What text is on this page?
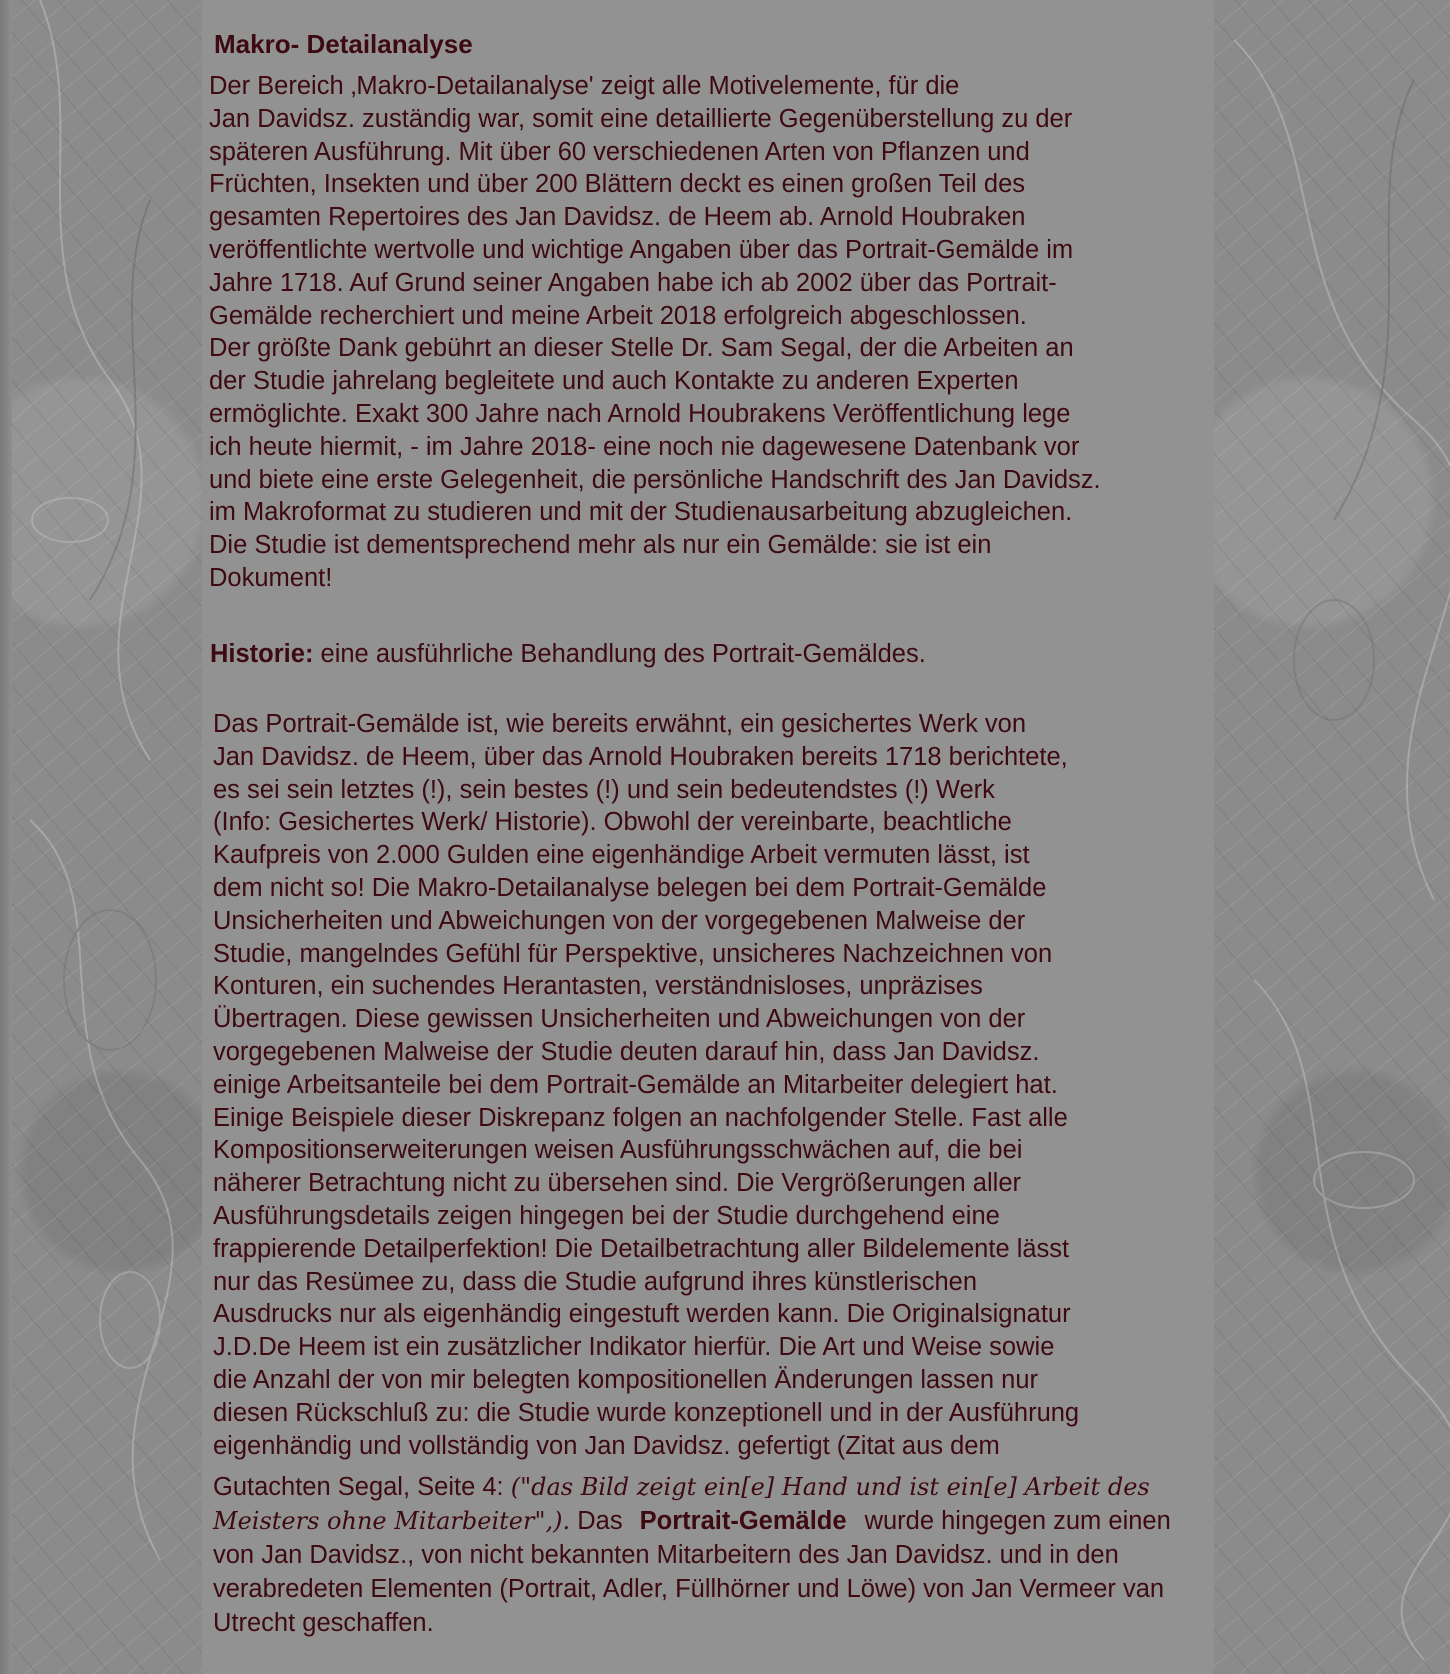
Makro- Detailanalyse

Der Bereich ‚Makro-Detailanalyse' zeigt alle Motivelemente, für die
Jan Davidsz. zuständig war, somit eine detaillierte Gegenüberstellung zu der
späteren Ausführung. Mit über 60 verschiedenen Arten von Pflanzen und
Früchten, Insekten und über 200 Blättern deckt es einen großen Teil des
gesamten Repertoires des Jan Davidsz. de Heem ab. Arnold Houbraken
veröffentlichte wertvolle und wichtige Angaben über das Portrait-Gemälde im
Jahre 1718. Auf Grund seiner Angaben habe ich ab 2002 über das Portrait-
Gemälde recherchiert und meine Arbeit 2018 erfolgreich abgeschlossen.
Der größte Dank gebührt an dieser Stelle Dr. Sam Segal, der die Arbeiten an
der Studie jahrelang begleitete und auch Kontakte zu anderen Experten
ermöglichte. Exakt 300 Jahre nach Arnold Houbrakens Veröffentlichung lege
ich heute hiermit, - im Jahre 2018- eine noch nie dagewesene Datenbank vor
und biete eine erste Gelegenheit, die persönliche Handschrift des Jan Davidsz.
im Makroformat zu studieren und mit der Studienausarbeitung abzugleichen.
Die Studie ist dementsprechend mehr als nur ein Gemälde: sie ist ein
Dokument!

Historie: eine ausführliche Behandlung des Portrait-Gemäldes.

Das Portrait-Gemälde ist, wie bereits erwähnt, ein gesichertes Werk von
Jan Davidsz. de Heem, über das Arnold Houbraken bereits 1718 berichtete,
es sei sein letztes (!), sein bestes (!) und sein bedeutendstes (!) Werk
(Info: Gesichertes Werk/ Historie). Obwohl der vereinbarte, beachtliche
Kaufpreis von 2.000 Gulden eine eigenhändige Arbeit vermuten lässt, ist
dem nicht so! Die Makro-Detailanalyse belegen bei dem Portrait-Gemälde
Unsicherheiten und Abweichungen von der vorgegebenen Malweise der
Studie, mangelndes Gefühl für Perspektive, unsicheres Nachzeichnen von
Konturen, ein suchendes Herantasten, verständnisloses, unpräzises
Übertragen. Diese gewissen Unsicherheiten und Abweichungen von der
vorgegebenen Malweise der Studie deuten darauf hin, dass Jan Davidsz.
einige Arbeitsanteile bei dem Portrait-Gemälde an Mitarbeiter delegiert hat.
Einige Beispiele dieser Diskrepanz folgen an nachfolgender Stelle. Fast alle
Kompositionserweiterungen weisen Ausführungsschwächen auf, die bei
näherer Betrachtung nicht zu übersehen sind. Die Vergrößerungen aller
Ausführungsdetails zeigen hingegen bei der Studie durchgehend eine
frappierende Detailperfektion! Die Detailbetrachtung aller Bildelemente lässt
nur das Resümee zu, dass die Studie aufgrund ihres künstlerischen
Ausdrucks nur als eigenhändig eingestuft werden kann. Die Originalsignatur
J.D.De Heem ist ein zusätzlicher Indikator hierfür. Die Art und Weise sowie
die Anzahl der von mir belegten kompositionellen Änderungen lassen nur
diesen Rückschluß zu: die Studie wurde konzeptionell und in der Ausführung
eigenhändig und vollständig von Jan Davidsz. gefertigt (Zitat aus dem

Gutachten Segal, Seite 4: ("das Bild zeigt ein[e] Hand und ist ein[e] Arbeit des Meisters ohne Mitarbeiter",). Das Portrait-Gemälde wurde hingegen zum einen von Jan Davidsz., von nicht bekannten Mitarbeitern des Jan Davidsz. und in den verabredeten Elementen (Portrait, Adler, Füllhörner und Löwe) von Jan Vermeer van Utrecht geschaffen.
